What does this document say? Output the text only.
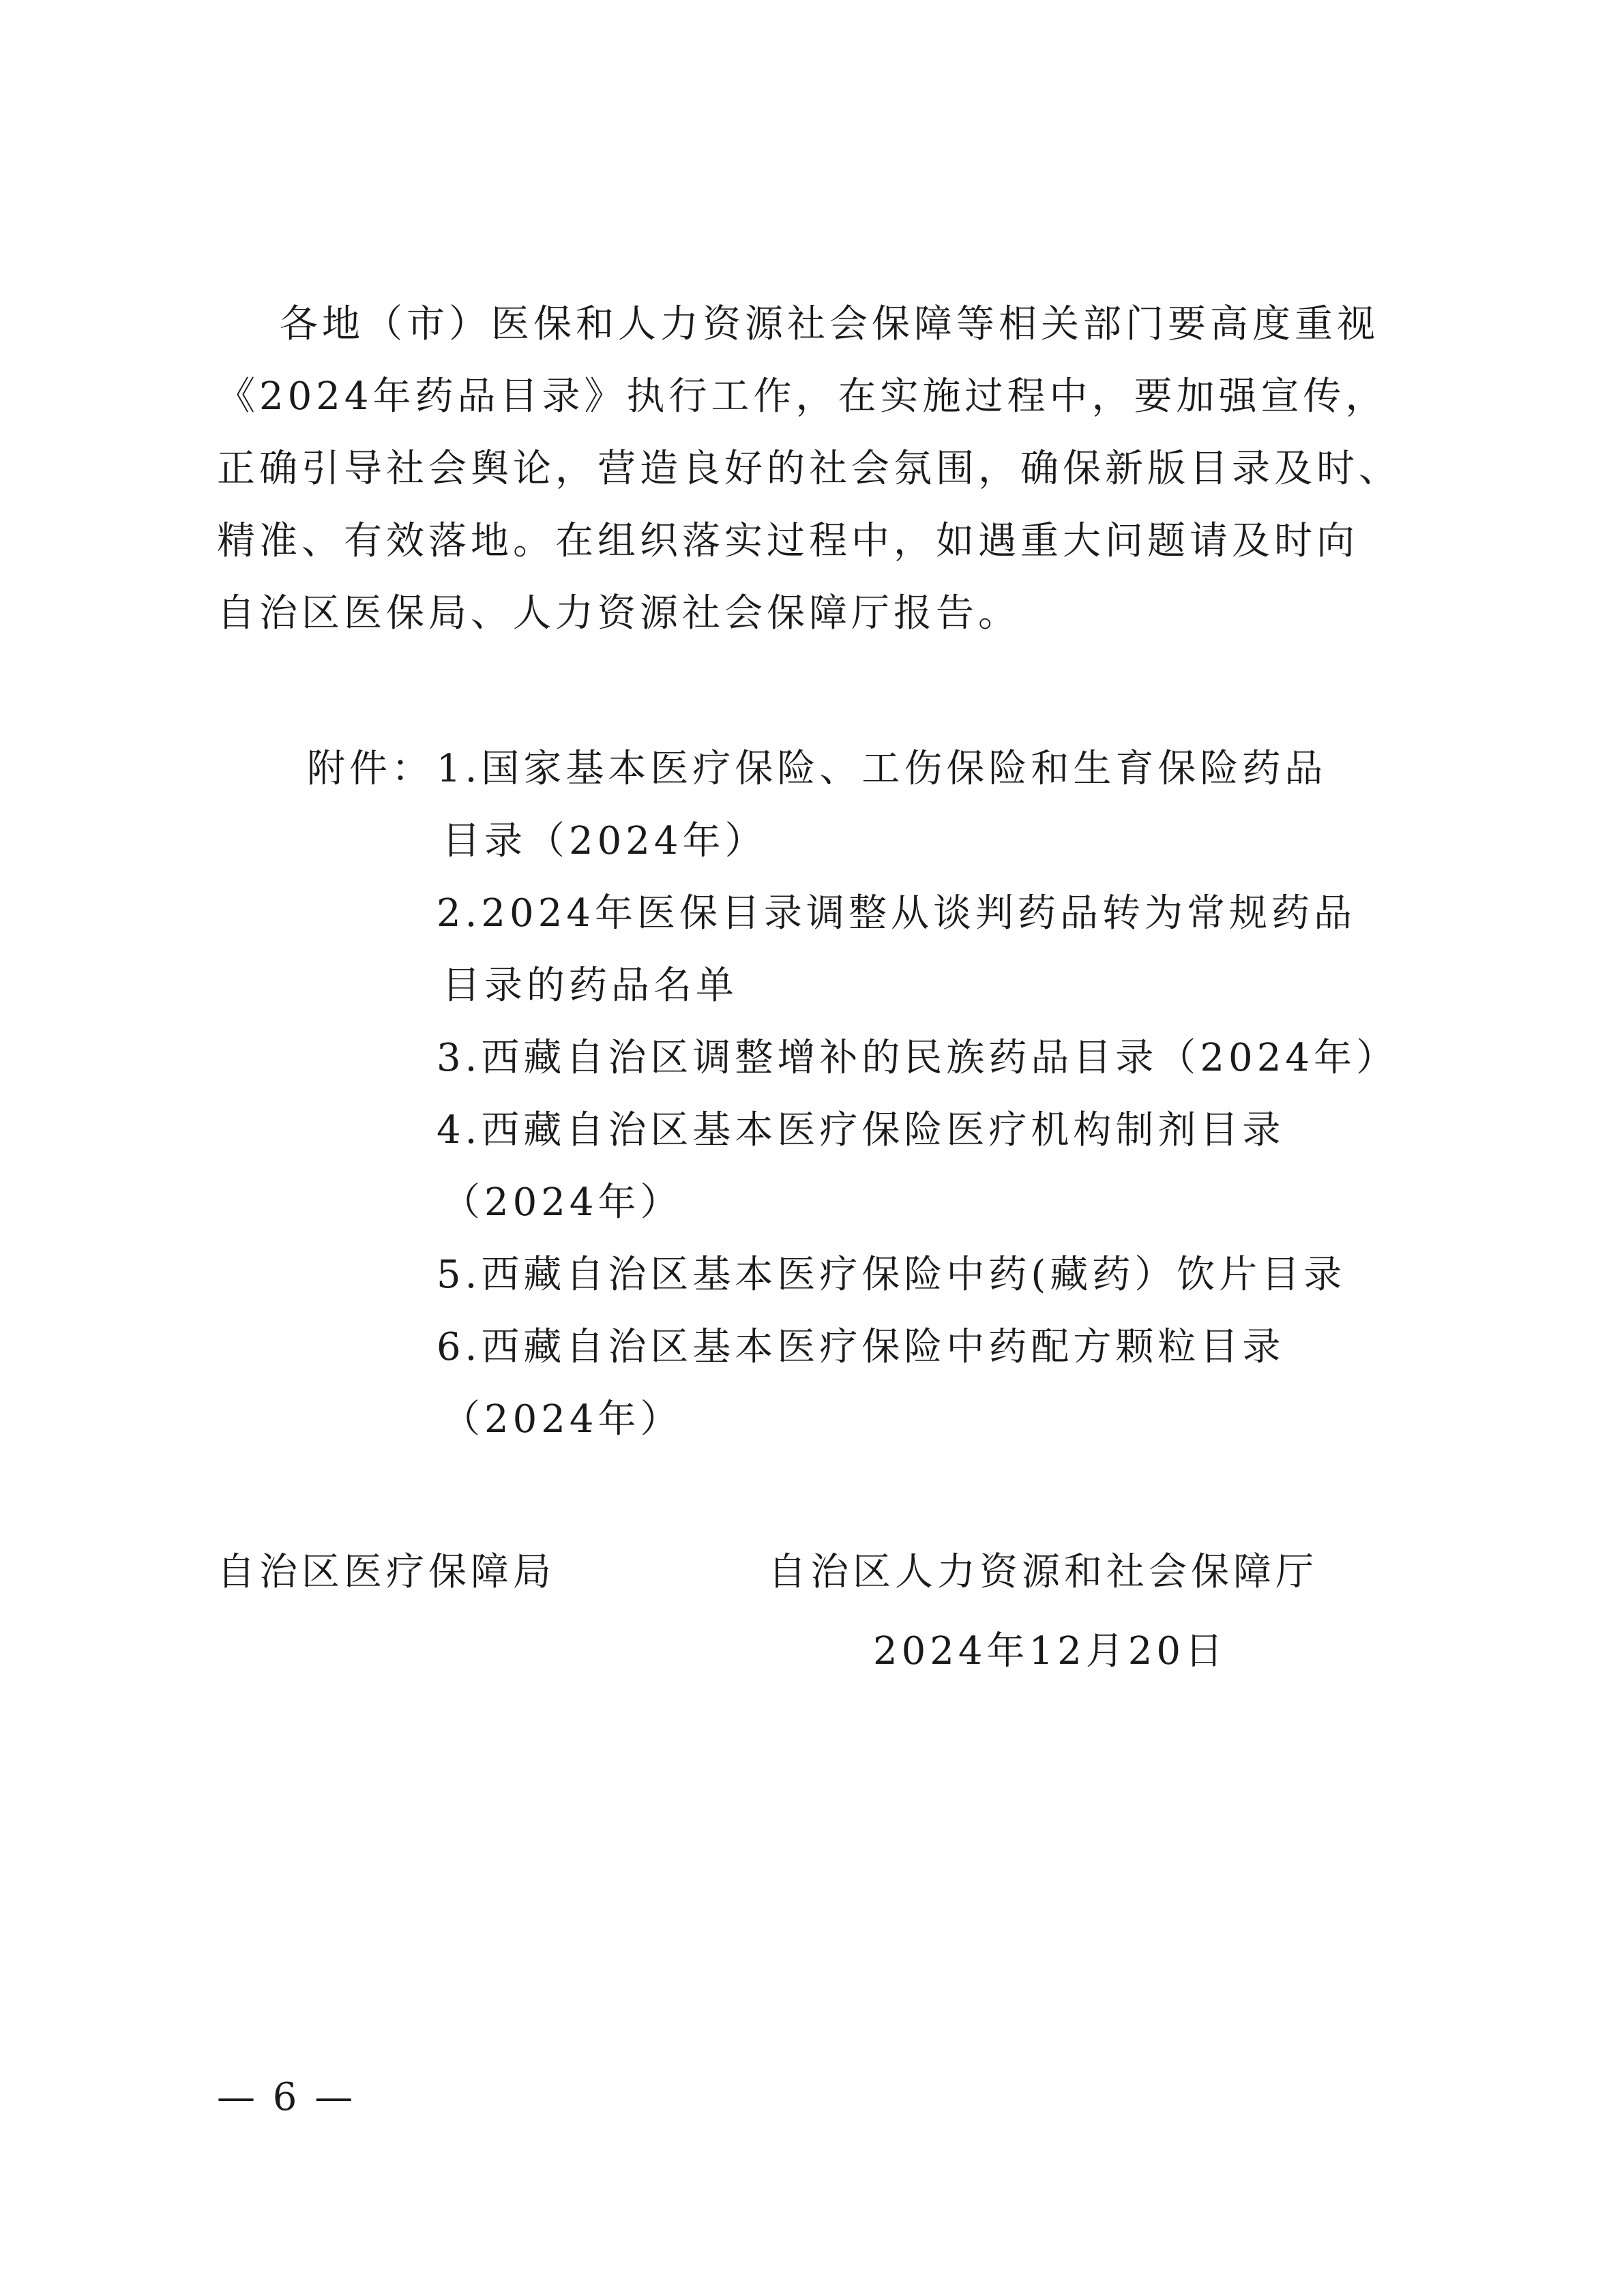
各地（市）医保和人力资源社会保障等相关部门要高度重视
《2024年药品目录》执行工作，在实施过程中，要加强宣传，
正确引导社会舆论，营造良好的社会氛围，确保新版目录及时、
精准、有效落地。在组织落实过程中，如遇重大问题请及时向
自治区医保局、人力资源社会保障厅报告。
附件： 1.国家基本医疗保险、工伤保险和生育保险药品
目录（2024年）
2.2024年医保目录调整从谈判药品转为常规药品
目录的药品名单
3.西藏自治区调整增补的民族药品目录（2024年）
4.西藏自治区基本医疗保险医疗机构制剂目录
（2024年）
5.西藏自治区基本医疗保险中药(藏药）饮片目录
6.西藏自治区基本医疗保险中药配方颗粒目录
（2024年）
自治区医疗保障局	自治区人力资源和社会保障厅
2024年12月20日
— 6 —
